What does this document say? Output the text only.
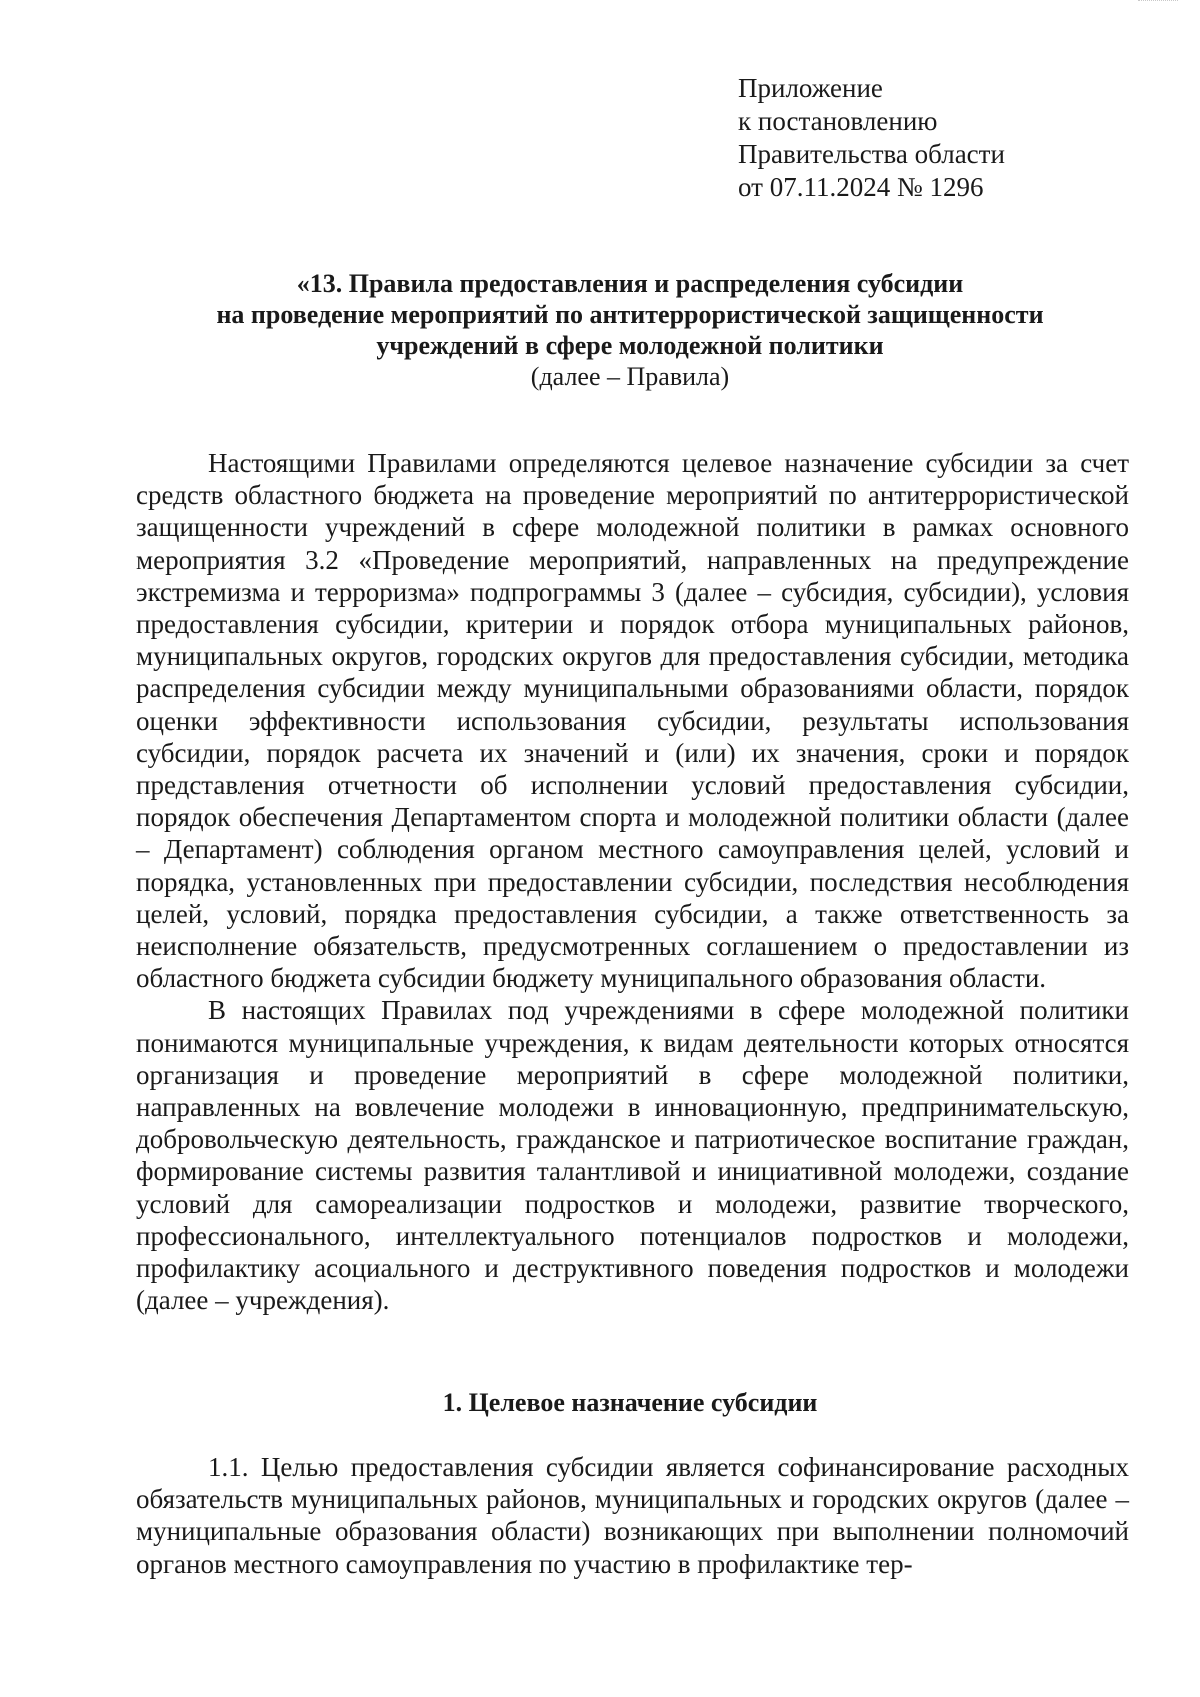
Приложение
к постановлению
Правительства области
от 07.11.2024 № 1296
«13. Правила предоставления и распределения субсидии
на проведение мероприятий по антитеррористической защищенности
учреждений в сфере молодежной политики
(далее – Правила)

Настоящими Правилами определяются целевое назначение субсидии за счет средств областного бюджета на проведение мероприятий по антитеррористической защищенности учреждений в сфере молодежной политики в рамках основного мероприятия 3.2 «Проведение мероприятий, направленных на предупреждение экстремизма и терроризма» подпрограммы 3 (далее – субсидия, субсидии), условия предоставления субсидии, критерии и порядок отбора муниципальных районов, муниципальных округов, городских округов для предоставления субсидии, методика распределения субсидии между муниципальными образованиями области, порядок оценки эффективности использования субсидии, результаты использования субсидии, порядок расчета их значений и (или) их значения, сроки и порядок представления отчетности об исполнении условий предоставления субсидии, порядок обеспечения Департаментом спорта и молодежной политики области (далее – Департамент) соблюдения органом местного самоуправления целей, условий и порядка, установленных при предоставлении субсидии, последствия несоблюдения целей, условий, порядка предоставления субсидии, а также ответственность за неисполнение обязательств, предусмотренных соглашением о предоставлении из областного бюджета субсидии бюджету муниципального образования области.

В настоящих Правилах под учреждениями в сфере молодежной политики понимаются муниципальные учреждения, к видам деятельности которых относятся организация и проведение мероприятий в сфере молодежной политики, направленных на вовлечение молодежи в инновационную, предпринимательскую, добровольческую деятельность, гражданское и патриотическое воспитание граждан, формирование системы развития талантливой и инициативной молодежи, создание условий для самореализации подростков и молодежи, развитие творческого, профессионального, интеллектуального потенциалов подростков и молодежи, профилактику асоциального и деструктивного поведения подростков и молодежи (далее – учреждения).

1. Целевое назначение субсидии

1.1. Целью предоставления субсидии является софинансирование расходных обязательств муниципальных районов, муниципальных и городских округов (далее – муниципальные образования области) возникающих при выполнении полномочий органов местного самоуправления по участию в профилактике тер-
